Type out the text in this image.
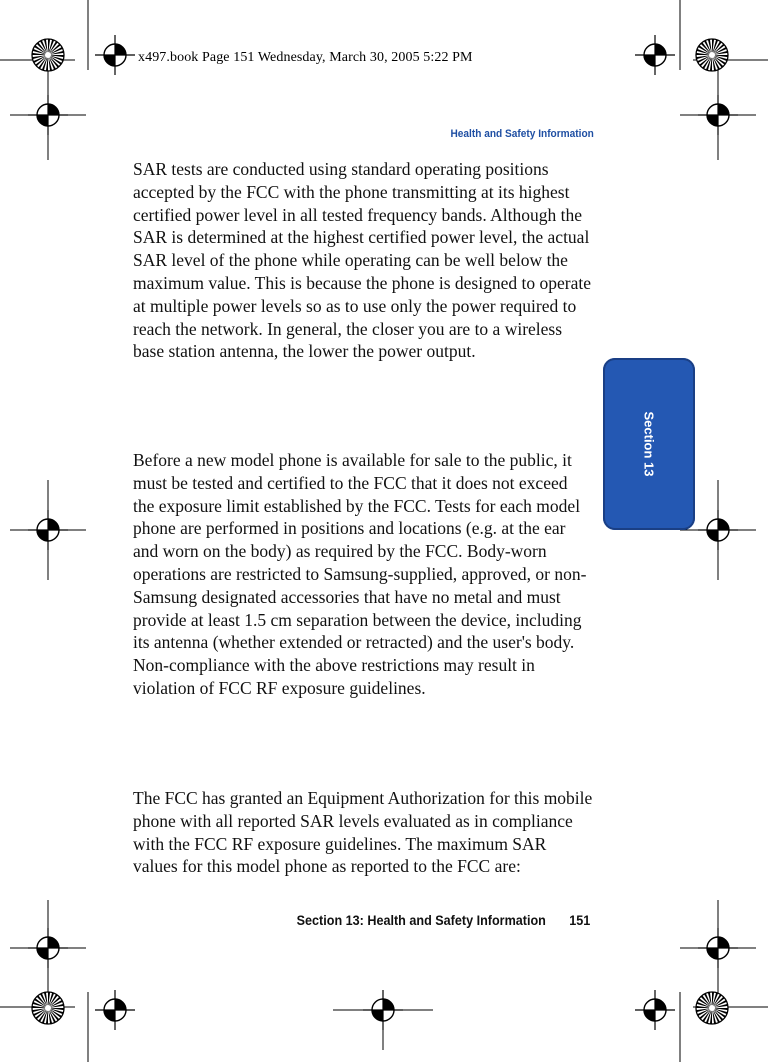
x497.book Page 151 Wednesday, March 30, 2005 5:22 PM
Health and Safety Information
Section 13

SAR tests are conducted using standard operating positions accepted by the FCC with the phone transmitting at its highest certified power level in all tested frequency bands. Although the SAR is determined at the highest certified power level, the actual SAR level of the phone while operating can be well below the maximum value. This is because the phone is designed to operate at multiple power levels so as to use only the power required to reach the network. In general, the closer you are to a wireless base station antenna, the lower the power output.

Before a new model phone is available for sale to the public, it must be tested and certified to the FCC that it does not exceed the exposure limit established by the FCC. Tests for each model phone are performed in positions and locations (e.g. at the ear and worn on the body) as required by the FCC. Body-worn operations are restricted to Samsung-supplied, approved, or non-Samsung designated accessories that have no metal and must provide at least 1.5 cm separation between the device, including its antenna (whether extended or retracted) and the user's body. Non-compliance with the above restrictions may result in violation of FCC RF exposure guidelines.

The FCC has granted an Equipment Authorization for this mobile phone with all reported SAR levels evaluated as in compliance with the FCC RF exposure guidelines. The maximum SAR values for this model phone as reported to the FCC are:

Section 13: Health and Safety Information 151
